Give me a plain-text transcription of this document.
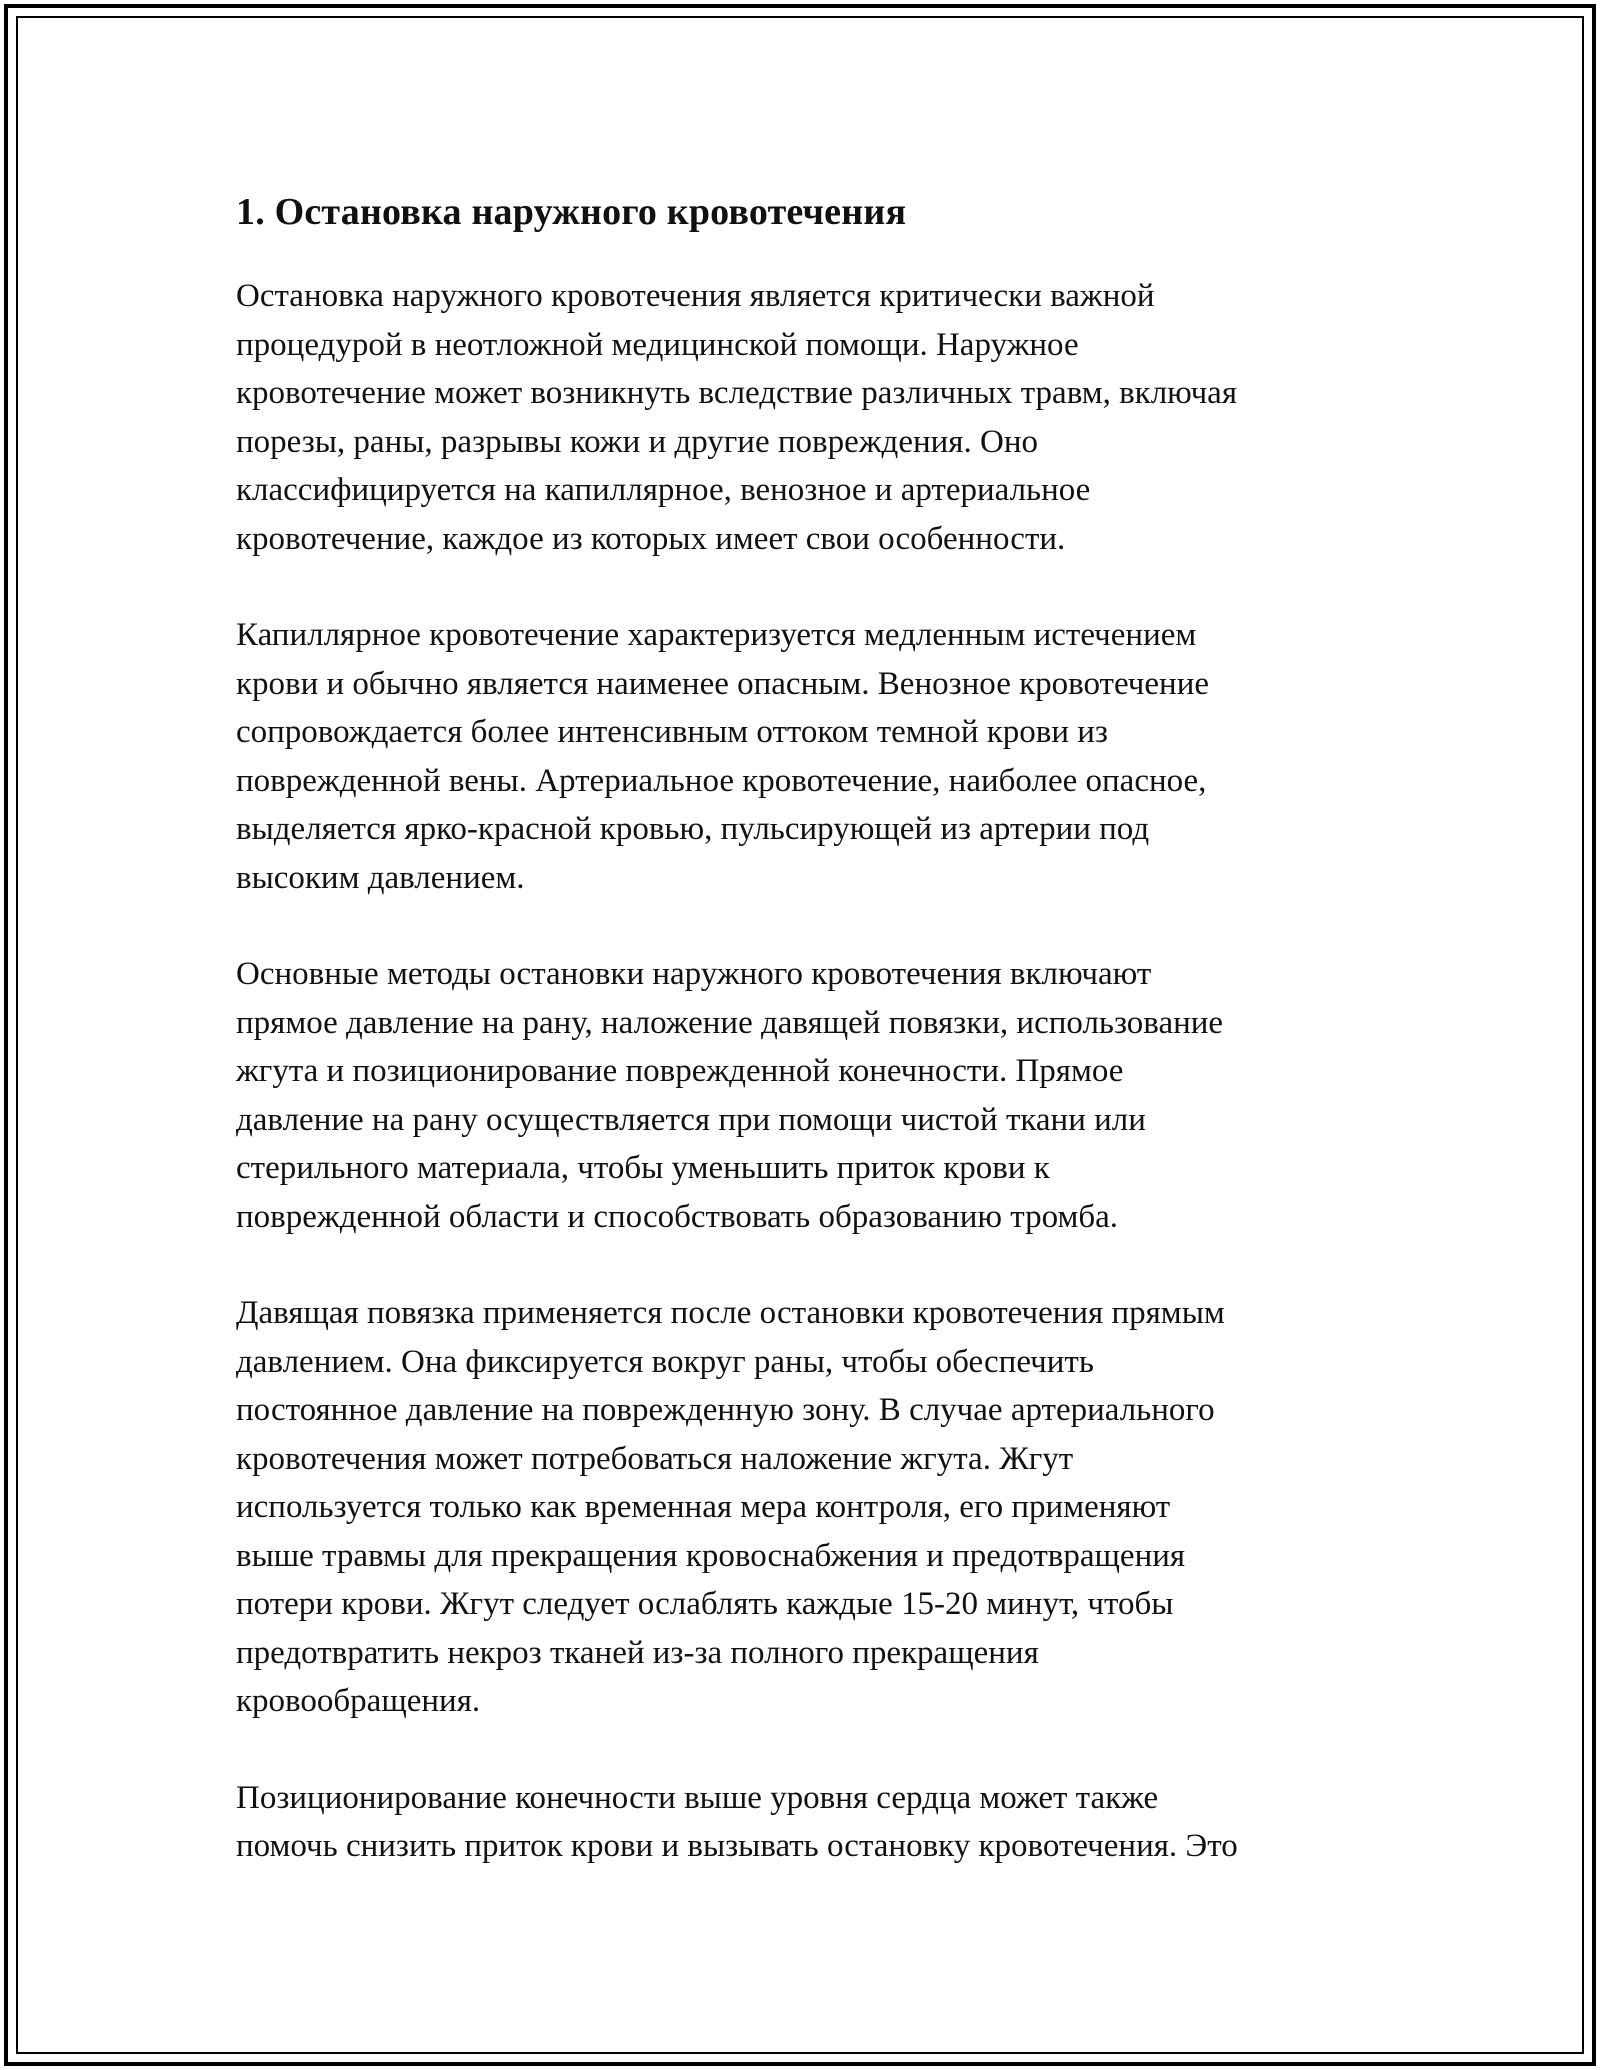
1. Остановка наружного кровотечения

Остановка наружного кровотечения является критически важной
процедурой в неотложной медицинской помощи. Наружное
кровотечение может возникнуть вследствие различных травм, включая
порезы, раны, разрывы кожи и другие повреждения. Оно
классифицируется на капиллярное, венозное и артериальное
кровотечение, каждое из которых имеет свои особенности.

Капиллярное кровотечение характеризуется медленным истечением
крови и обычно является наименее опасным. Венозное кровотечение
сопровождается более интенсивным оттоком темной крови из
поврежденной вены. Артериальное кровотечение, наиболее опасное,
выделяется ярко-красной кровью, пульсирующей из артерии под
высоким давлением.

Основные методы остановки наружного кровотечения включают
прямое давление на рану, наложение давящей повязки, использование
жгута и позиционирование поврежденной конечности. Прямое
давление на рану осуществляется при помощи чистой ткани или
стерильного материала, чтобы уменьшить приток крови к
поврежденной области и способствовать образованию тромба.

Давящая повязка применяется после остановки кровотечения прямым
давлением. Она фиксируется вокруг раны, чтобы обеспечить
постоянное давление на поврежденную зону. В случае артериального
кровотечения может потребоваться наложение жгута. Жгут
используется только как временная мера контроля, его применяют
выше травмы для прекращения кровоснабжения и предотвращения
потери крови. Жгут следует ослаблять каждые 15-20 минут, чтобы
предотвратить некроз тканей из-за полного прекращения
кровообращения.

Позиционирование конечности выше уровня сердца может также
помочь снизить приток крови и вызывать остановку кровотечения. Это
